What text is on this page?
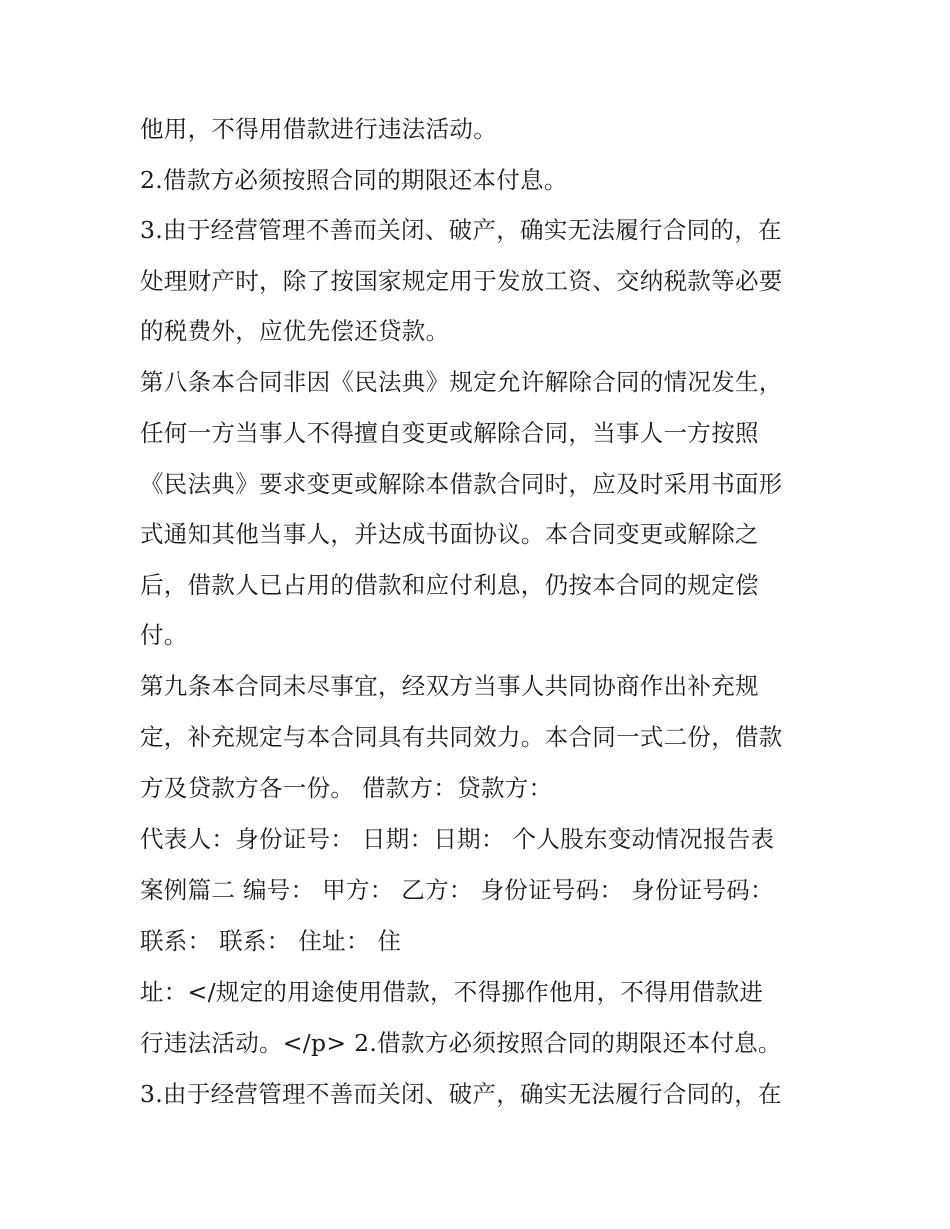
他用，不得用借款进行违法活动。
2.借款方必须按照合同的期限还本付息。
3.由于经营管理不善而关闭、破产，确实无法履行合同的，在
处理财产时，除了按国家规定用于发放工资、交纳税款等必要
的税费外，应优先偿还贷款。
第八条本合同非因《民法典》规定允许解除合同的情况发生，
任何一方当事人不得擅自变更或解除合同，当事人一方按照
《民法典》要求变更或解除本借款合同时，应及时采用书面形
式通知其他当事人，并达成书面协议。本合同变更或解除之
后，借款人已占用的借款和应付利息，仍按本合同的规定偿
付。
第九条本合同未尽事宜，经双方当事人共同协商作出补充规
定，补充规定与本合同具有共同效力。本合同一式二份，借款
方及贷款方各一份。 借款方：贷款方：
代表人：身份证号： 日期：日期： 个人股东变动情况报告表
案例篇二 编号： 甲方： 乙方： 身份证号码： 身份证号码：
联系： 联系： 住址： 住
址：</规定的用途使用借款，不得挪作他用，不得用借款进
行违法活动。</p> 2.借款方必须按照合同的期限还本付息。
3.由于经营管理不善而关闭、破产，确实无法履行合同的，在
